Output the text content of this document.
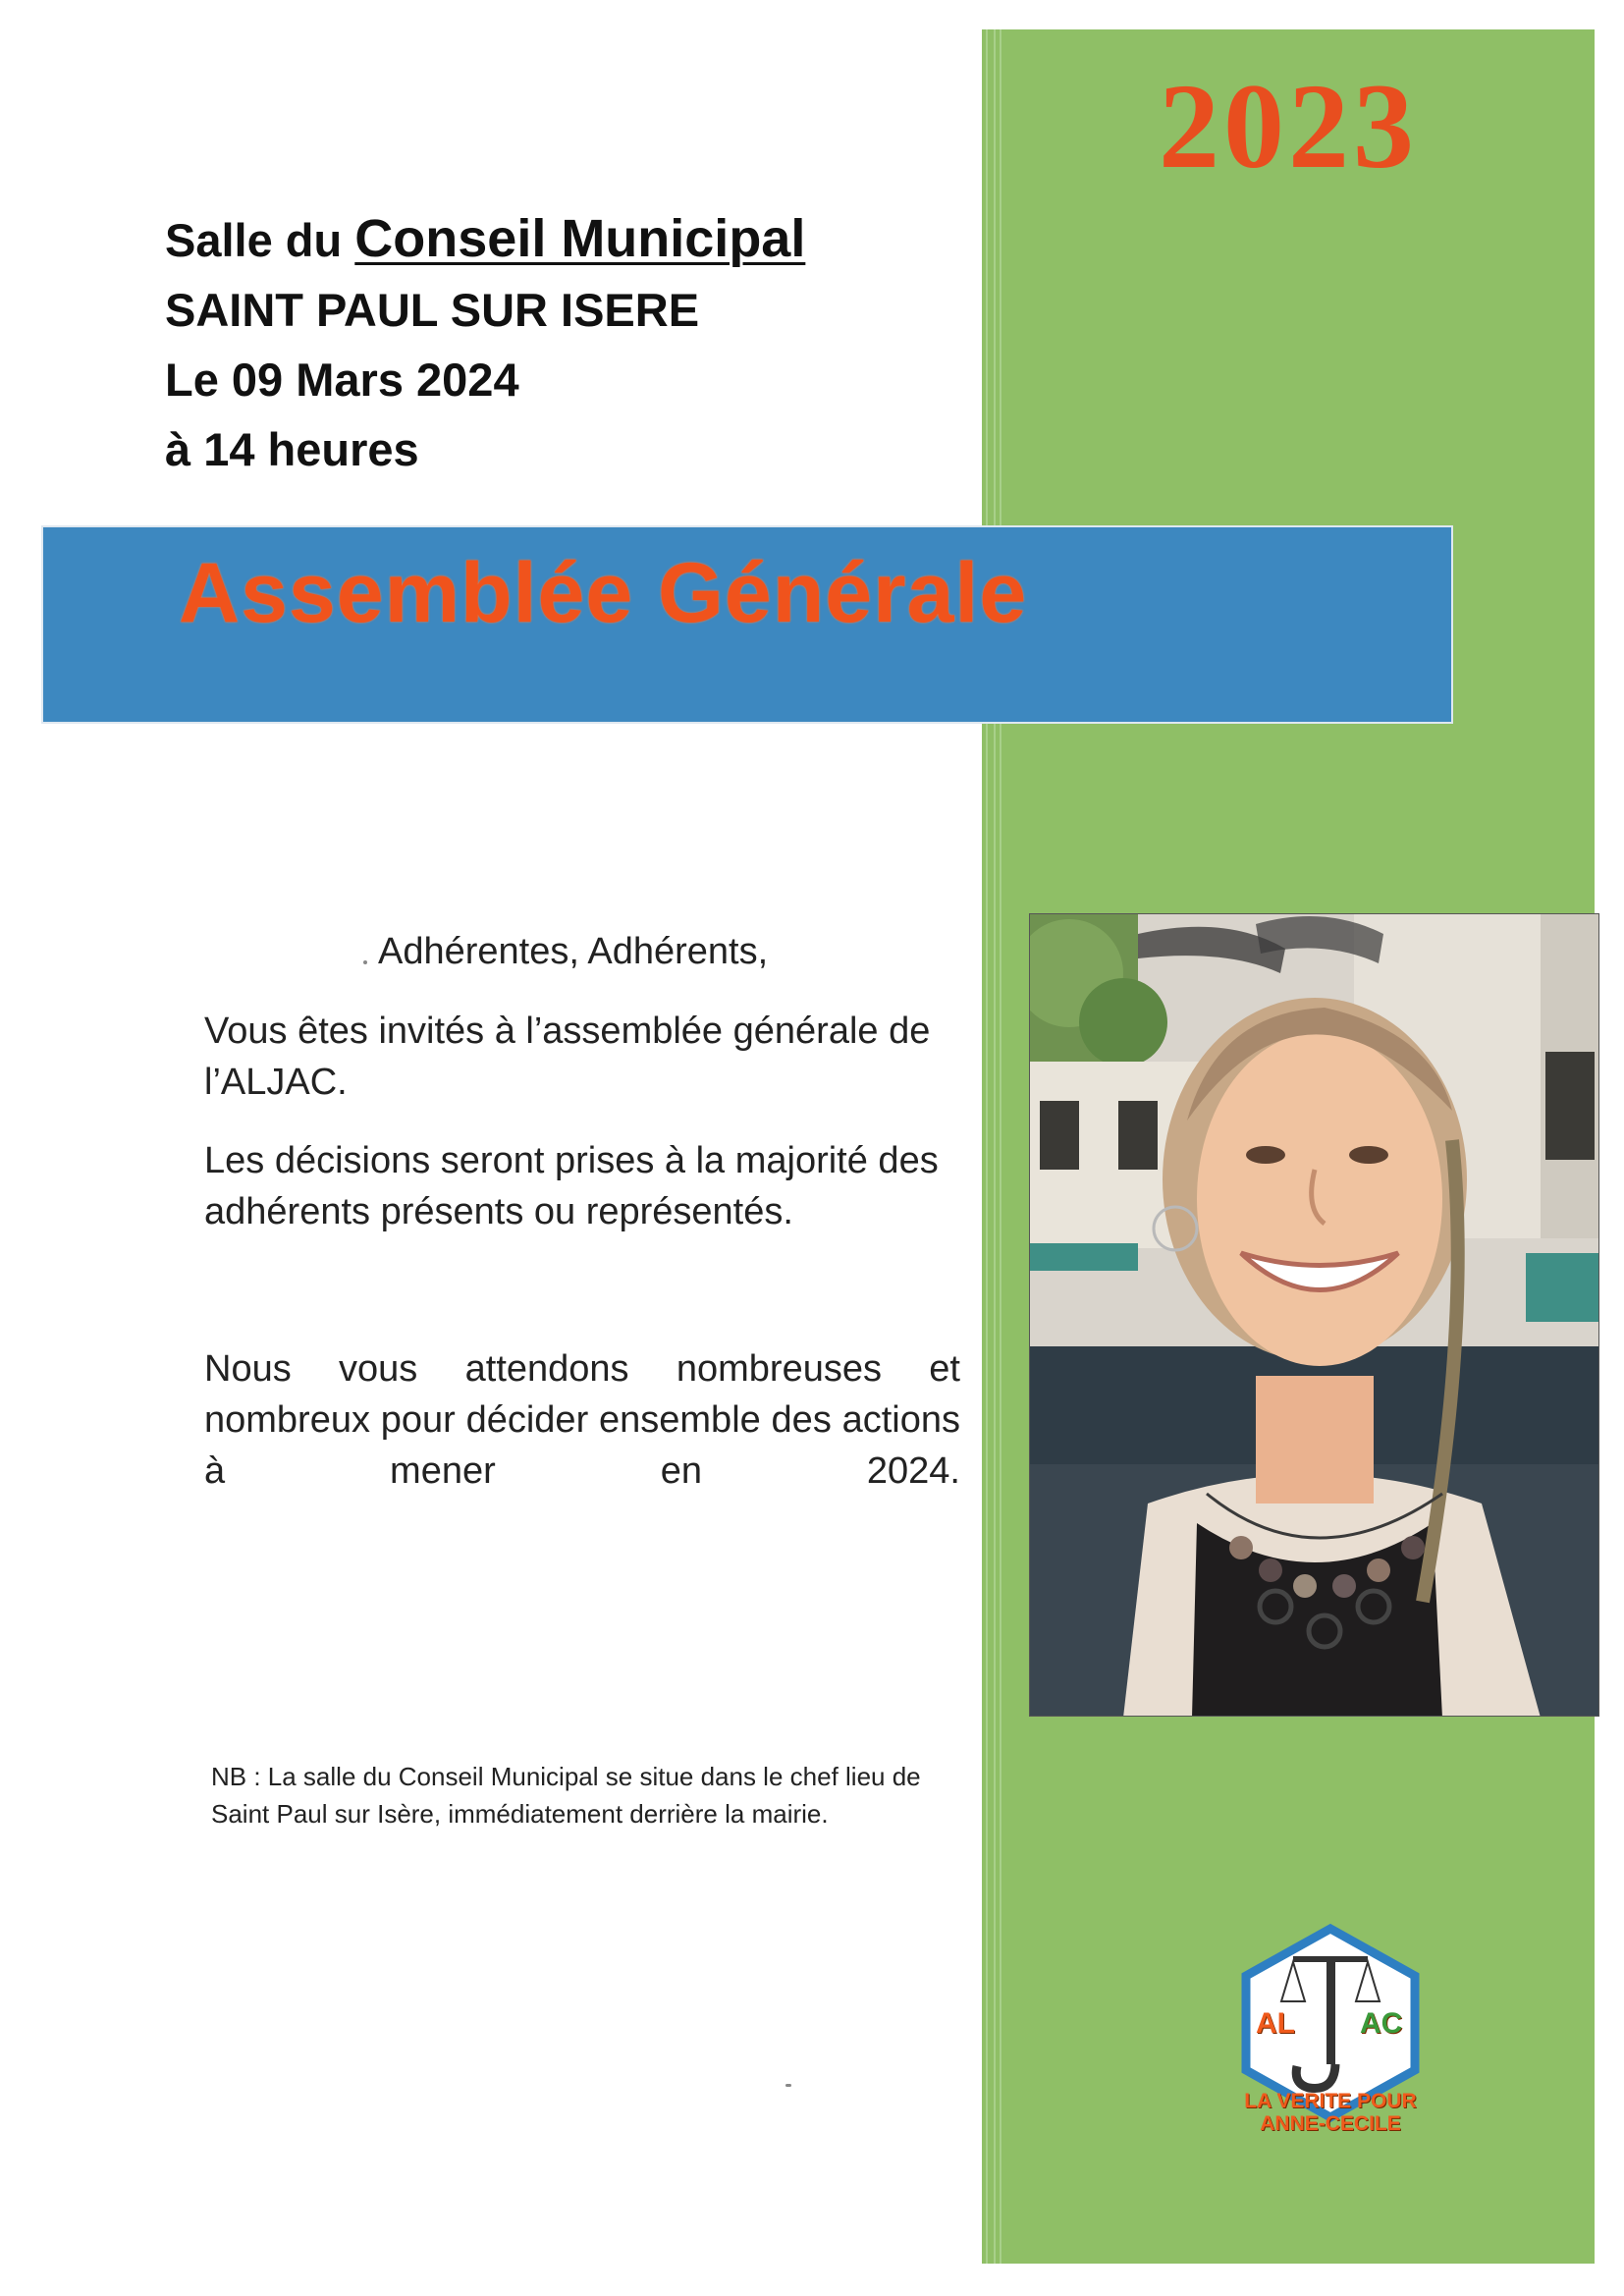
2023
Salle du Conseil Municipal
SAINT PAUL SUR ISERE
Le 09 Mars 2024
à 14 heures
Assemblée Générale
Adhérentes, Adhérents,
Vous êtes invités à l’assemblée générale de l’ALJAC.
Les décisions seront prises à la majorité des adhérents présents ou représentés.
Nous vous attendons nombreuses et nombreux pour décider ensemble des actions à mener en 2024.
NB : La salle du Conseil Municipal se situe dans le chef lieu de Saint Paul sur Isère, immédiatement derrière la mairie.
AL AC
LA VERITE POUR
ANNE-CECILE
